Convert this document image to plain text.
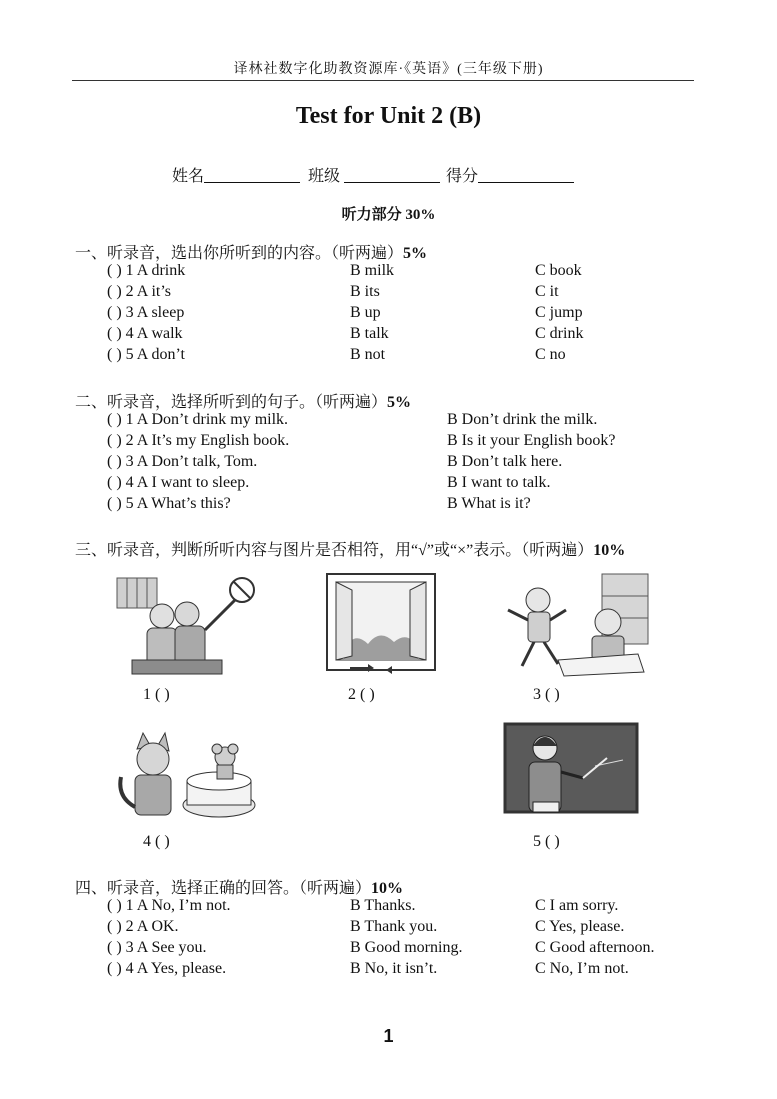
译林社数字化助教资源库·《英语》(三年级下册)
Test for Unit 2 (B)
姓名	班级	得分
听力部分 30%
一、听录音，选出你所听到的内容。（听两遍）5%
( ) 1 A drink	B milk	C book
( ) 2 A it’s	B its	C it
( ) 3 A sleep	B up	C jump
( ) 4 A walk	B talk	C drink
( ) 5 A don’t	B not	C no
二、听录音，选择所听到的句子。（听两遍）5%
( ) 1 A Don’t drink my milk.	B Don’t drink the milk.
( ) 2 A It’s my English book.	B Is it your English book?
( ) 3 A Don’t talk, Tom.	B Don’t talk here.
( ) 4 A I want to sleep.	B I want to talk.
( ) 5 A What’s this?	B What is it?
三、听录音，判断所听内容与图片是否相符，用“√”或“×”表示。（听两遍）10%
1 ( )	2 ( )	3 ( )
4 ( )	5 ( )
四、听录音，选择正确的回答。（听两遍）10%
( ) 1 A No, I’m not.	B Thanks.	C I am sorry.
( ) 2 A OK.	B Thank you.	C Yes, please.
( ) 3 A See you.	B Good morning.	C Good afternoon.
( ) 4 A Yes, please.	B No, it isn’t.	C No, I’m not.
1
